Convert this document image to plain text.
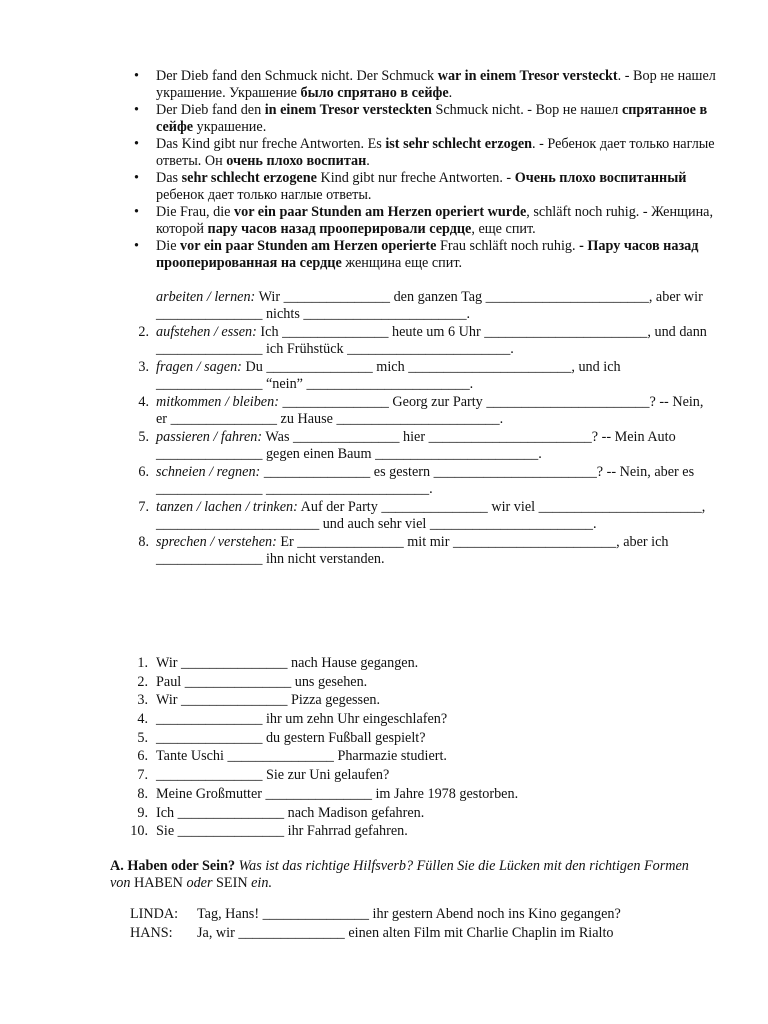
• Der Dieb fand den Schmuck nicht. Der Schmuck war in einem Tresor versteckt. - Вор не нашел украшение. Украшение было спрятано в сейфе.
• Der Dieb fand den in einem Tresor versteckten Schmuck nicht. - Вор не нашел спрятанное в сейфе украшение.
• Das Kind gibt nur freche Antworten. Es ist sehr schlecht erzogen. - Ребенок дает только наглые ответы. Он очень плохо воспитан.
• Das sehr schlecht erzogene Kind gibt nur freche Antworten. - Очень плохо воспитанный ребенок дает только наглые ответы.
• Die Frau, die vor ein paar Stunden am Herzen operiert wurde, schläft noch ruhig. - Женщина, которой пару часов назад прооперировали сердце, еще спит.
• Die vor ein paar Stunden am Herzen operierte Frau schläft noch ruhig. - Пару часов назад прооперированная на сердце женщина еще спит.
arbeiten / lernen: Wir _______________ den ganzen Tag _______________________, aber wir _______________ nichts _______________________.
2. aufstehen / essen: Ich _______________ heute um 6 Uhr _______________________, und dann _______________ ich Frühstück _______________________.
3. fragen / sagen: Du _______________ mich _______________________, und ich _______________ “nein” _______________________.
4. mitkommen / bleiben: _______________ Georg zur Party _______________________? -- Nein, er _______________ zu Hause _______________________.
5. passieren / fahren: Was _______________ hier _______________________? -- Mein Auto _______________ gegen einen Baum _______________________.
6. schneien / regnen: _______________ es gestern _______________________? -- Nein, aber es _______________ _______________________.
7. tanzen / lachen / trinken: Auf der Party _______________ wir viel _______________________, _______________________ und auch sehr viel _______________________.
8. sprechen / verstehen: Er _______________ mit mir _______________________, aber ich _______________ ihn nicht verstanden.
1. Wir _______________ nach Hause gegangen.
2. Paul _______________ uns gesehen.
3. Wir _______________ Pizza gegessen.
4. _______________ ihr um zehn Uhr eingeschlafen?
5. _______________ du gestern Fußball gespielt?
6. Tante Uschi _______________ Pharmazie studiert.
7. _______________ Sie zur Uni gelaufen?
8. Meine Großmutter _______________ im Jahre 1978 gestorben.
9. Ich _______________ nach Madison gefahren.
10. Sie _______________ ihr Fahrrad gefahren.
A. Haben oder Sein? Was ist das richtige Hilfsverb? Füllen Sie die Lücken mit den richtigen Formen von HABEN oder SEIN ein.
LINDA: Tag, Hans! _______________ ihr gestern Abend noch ins Kino gegangen?
HANS: Ja, wir _______________ einen alten Film mit Charlie Chaplin im Rialto
